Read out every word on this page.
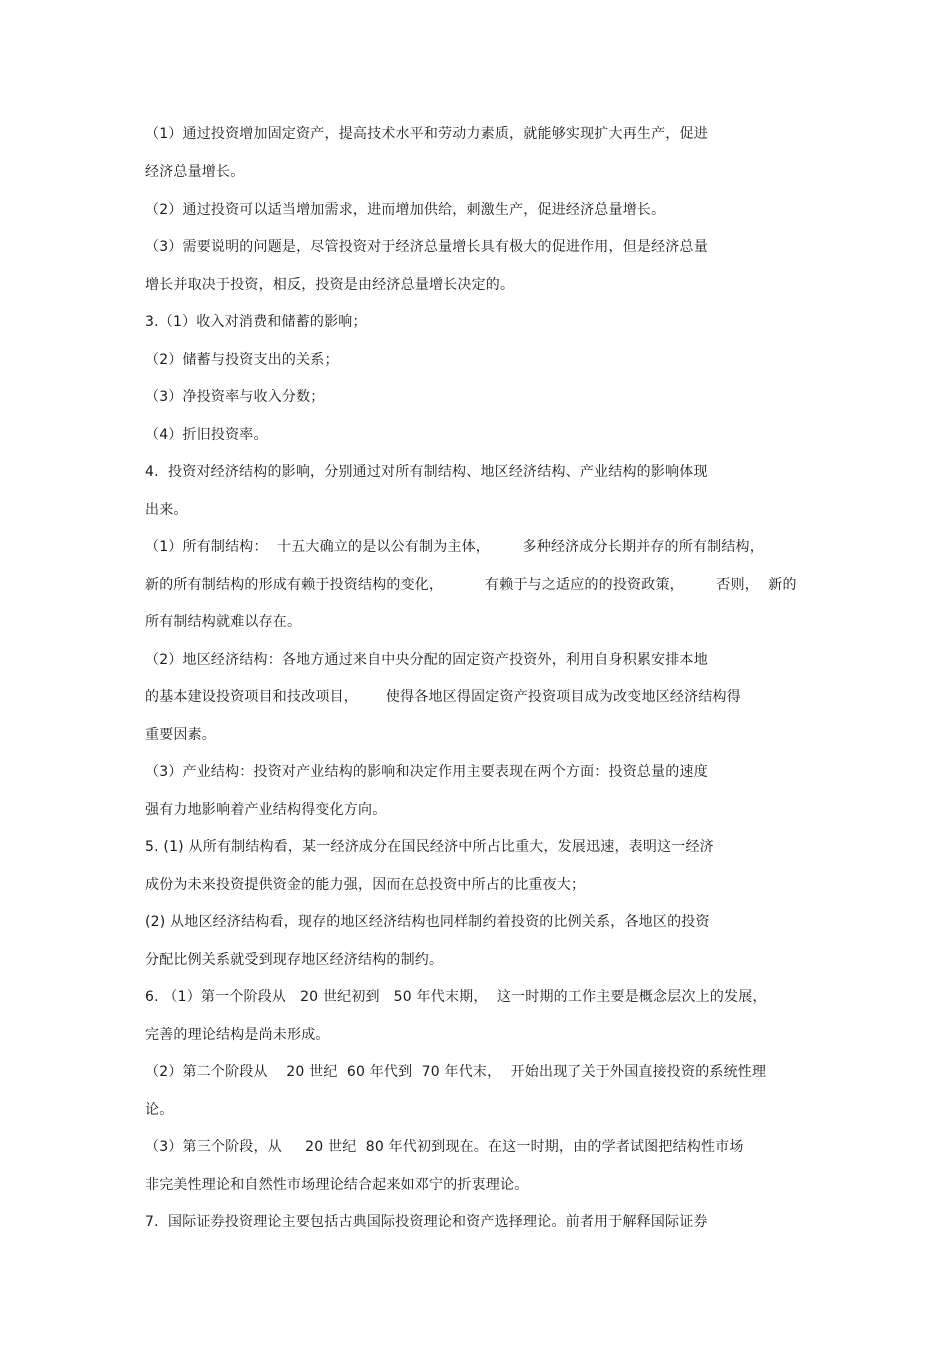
（1）通过投资增加固定资产，提高技术水平和劳动力素质，就能够实现扩大再生产，促进
经济总量增长。
（2）通过投资可以适当增加需求，进而增加供给，刺激生产，促进经济总量增长。
（3）需要说明的问题是，尽管投资对于经济总量增长具有极大的促进作用，但是经济总量
增长并取决于投资，相反，投资是由经济总量增长决定的。
3.（1）收入对消费和储蓄的影响；
（2）储蓄与投资支出的关系；
（3）净投资率与收入分数；
（4）折旧投资率。
4.  投资对经济结构的影响，分别通过对所有制结构、地区经济结构、产业结构的影响体现
出来。
（1）所有制结构：  十五大确立的是以公有制为主体，       多种经济成分长期并存的所有制结构，
新的所有制结构的形成有赖于投资结构的变化，         有赖于与之适应的的投资政策，       否则，  新的
所有制结构就难以存在。
（2）地区经济结构：各地方通过来自中央分配的固定资产投资外，利用自身积累安排本地
的基本建设投资项目和技改项目，      使得各地区得固定资产投资项目成为改变地区经济结构得
重要因素。
（3）产业结构：投资对产业结构的影响和决定作用主要表现在两个方面：投资总量的速度
强有力地影响着产业结构得变化方向。
5. (1) 从所有制结构看，某一经济成分在国民经济中所占比重大，发展迅速，表明这一经济
成份为未来投资提供资金的能力强，因而在总投资中所占的比重夜大；
(2) 从地区经济结构看，现存的地区经济结构也同样制约着投资的比例关系，各地区的投资
分配比例关系就受到现存地区经济结构的制约。
6. （1）第一个阶段从   20 世纪初到   50 年代末期，  这一时期的工作主要是概念层次上的发展，
完善的理论结构是尚未形成。
（2）第二个阶段从    20 世纪  60 年代到  70 年代末，  开始出现了关于外国直接投资的系统性理
论。
（3）第三个阶段，从     20 世纪  80 年代初到现在。在这一时期，由的学者试图把结构性市场
非完美性理论和自然性市场理论结合起来如邓宁的折衷理论。
7.  国际证券投资理论主要包括古典国际投资理论和资产选择理论。前者用于解释国际证券
